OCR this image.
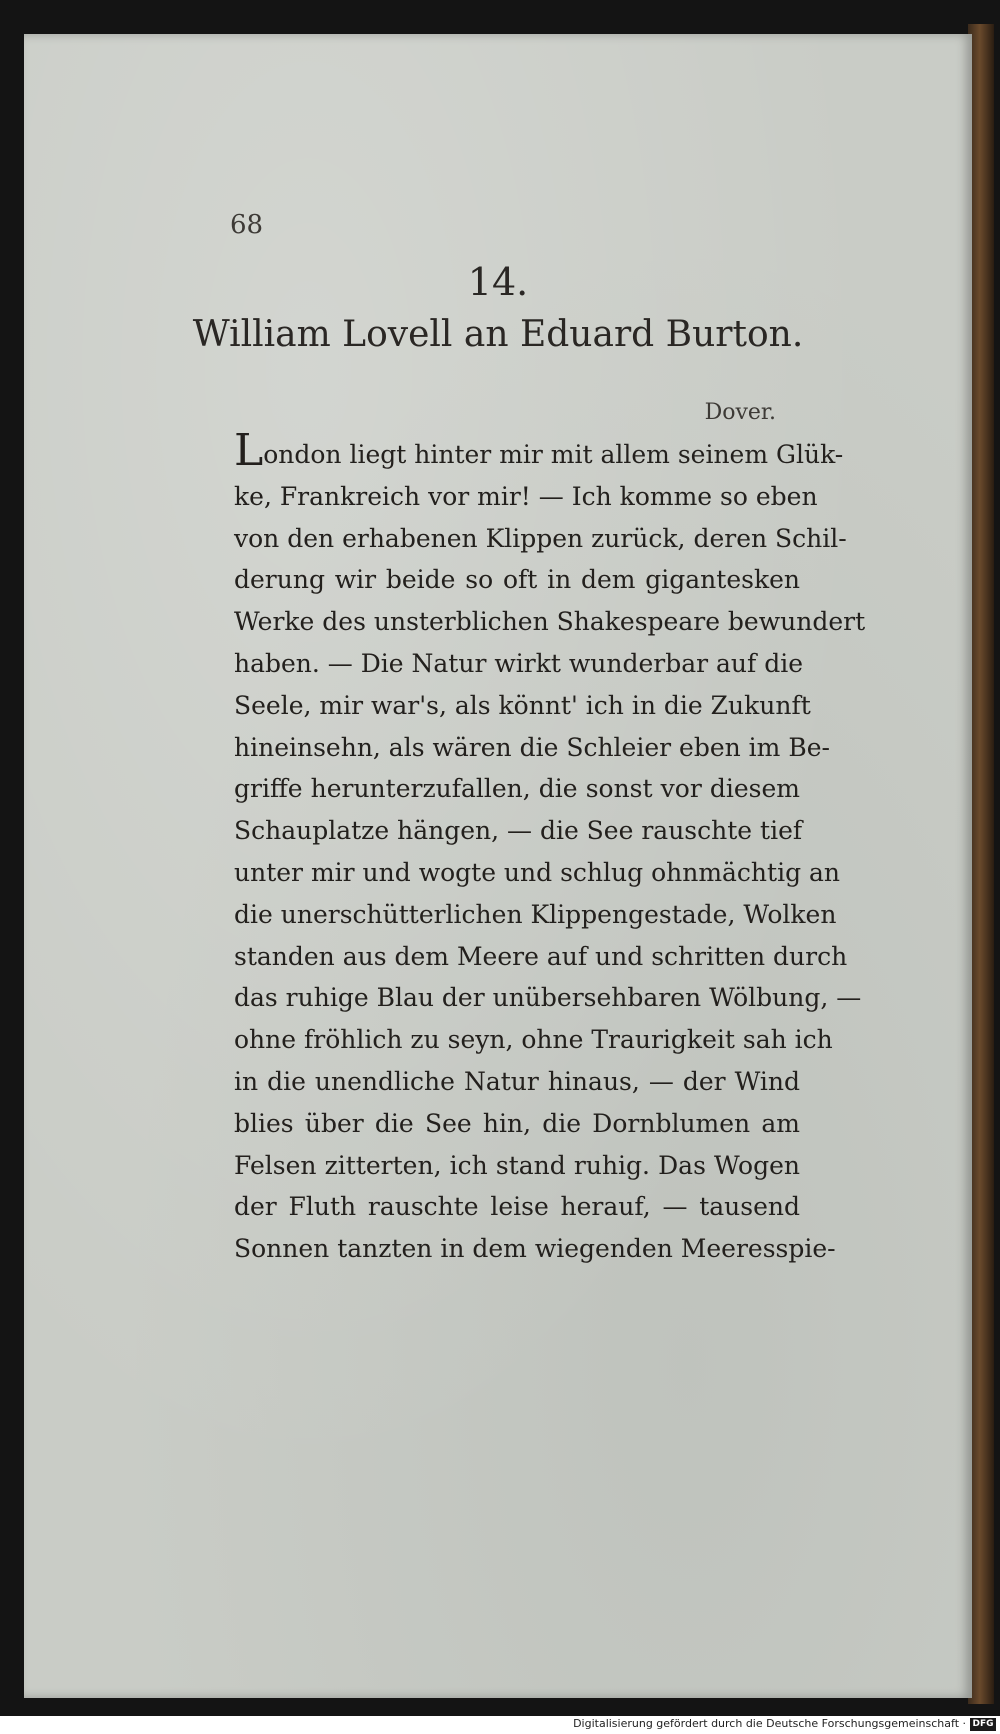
68

14.

William Lovell an Eduard Burton.

Dover.

London liegt hinter mir mit allem seinem Glük-
ke, Frankreich vor mir! — Ich komme so eben
von den erhabenen Klippen zurück, deren Schil-
derung wir beide so oft in dem gigantesken
Werke des unsterblichen Shakespeare bewundert
haben. — Die Natur wirkt wunderbar auf die
Seele, mir war's, als könnt' ich in die Zukunft
hineinsehn, als wären die Schleier eben im Be-
griffe herunterzufallen, die sonst vor diesem
Schauplatze hängen, — die See rauschte tief
unter mir und wogte und schlug ohnmächtig an
die unerschütterlichen Klippengestade, Wolken
standen aus dem Meere auf und schritten durch
das ruhige Blau der unübersehbaren Wölbung, —
ohne fröhlich zu seyn, ohne Traurigkeit sah ich
in die unendliche Natur hinaus, — der Wind
blies über die See hin, die Dornblumen am
Felsen zitterten, ich stand ruhig. Das Wogen
der Fluth rauschte leise herauf, — tausend
Sonnen tanzten in dem wiegenden Meeresspie-

Digitalisierung gefördert durch die Deutsche Forschungsgemeinschaft · DFG
